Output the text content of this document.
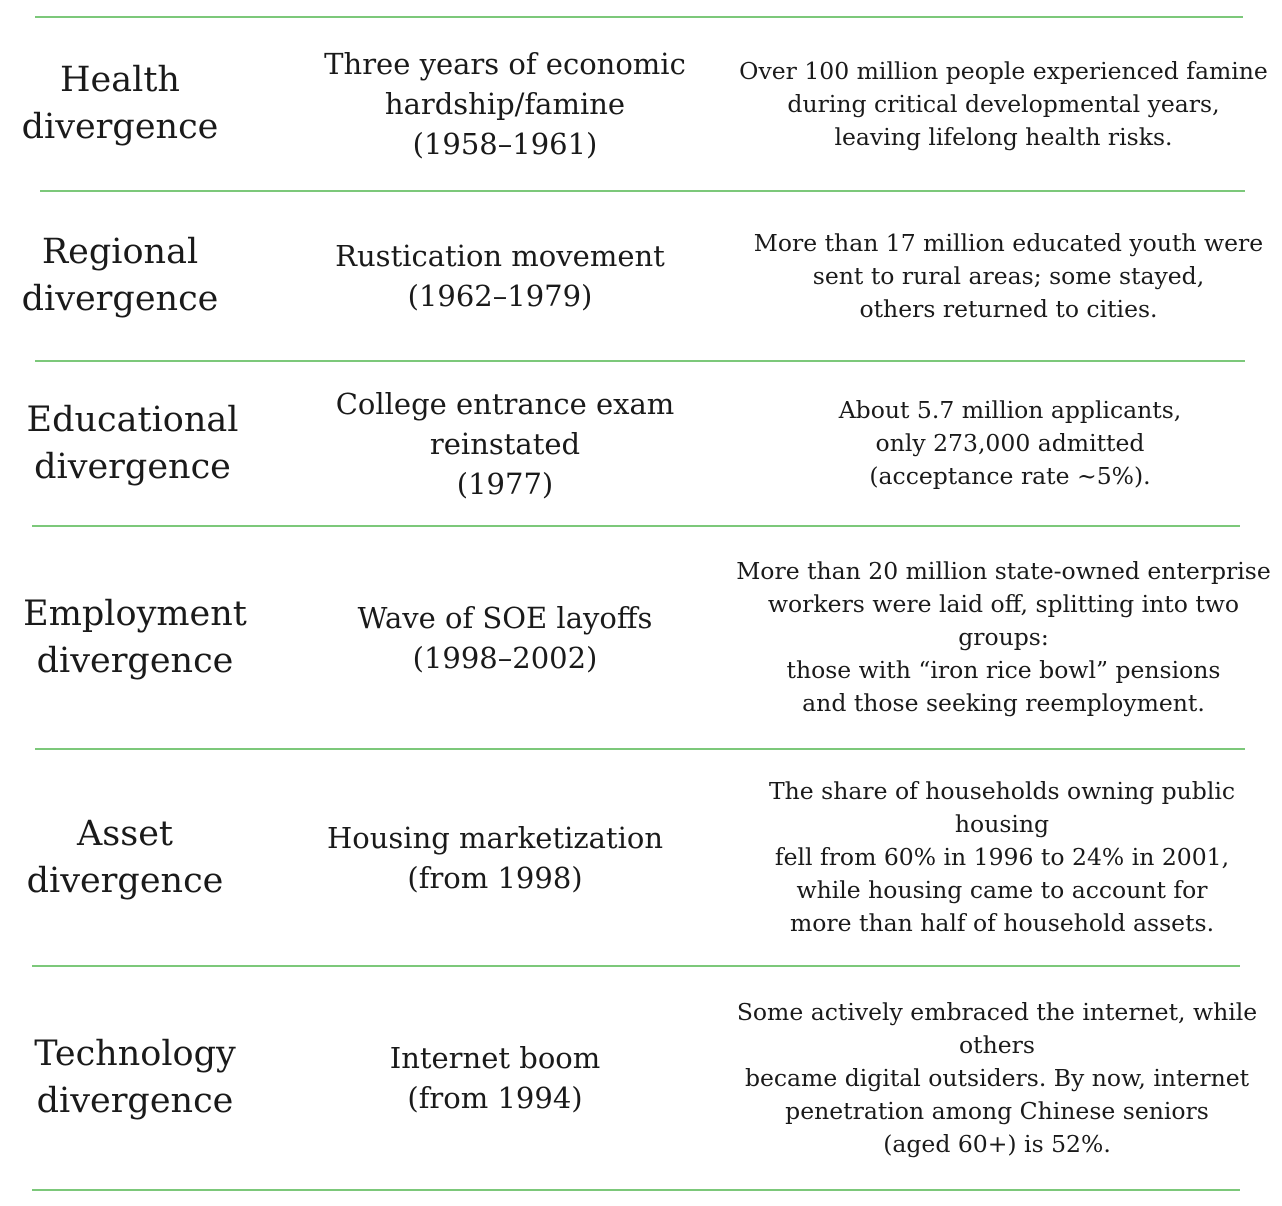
Health
divergence
Three years of economic
hardship/famine
(1958–1961)
Over 100 million people experienced famine
during critical developmental years,
leaving lifelong health risks.
Regional
divergence
Rustication movement
(1962–1979)
More than 17 million educated youth were
sent to rural areas; some stayed,
others returned to cities.
Educational
divergence
College entrance exam
reinstated
(1977)
About 5.7 million applicants,
only 273,000 admitted
(acceptance rate ~5%).
Employment
divergence
Wave of SOE layoffs
(1998–2002)
More than 20 million state-owned enterprise
workers were laid off, splitting into two groups:
those with “iron rice bowl” pensions
and those seeking reemployment.
Asset
divergence
Housing marketization
(from 1998)
The share of households owning public housing
fell from 60% in 1996 to 24% in 2001,
while housing came to account for
more than half of household assets.
Technology
divergence
Internet boom
(from 1994)
Some actively embraced the internet, while others
became digital outsiders. By now, internet
penetration among Chinese seniors
(aged 60+) is 52%.
